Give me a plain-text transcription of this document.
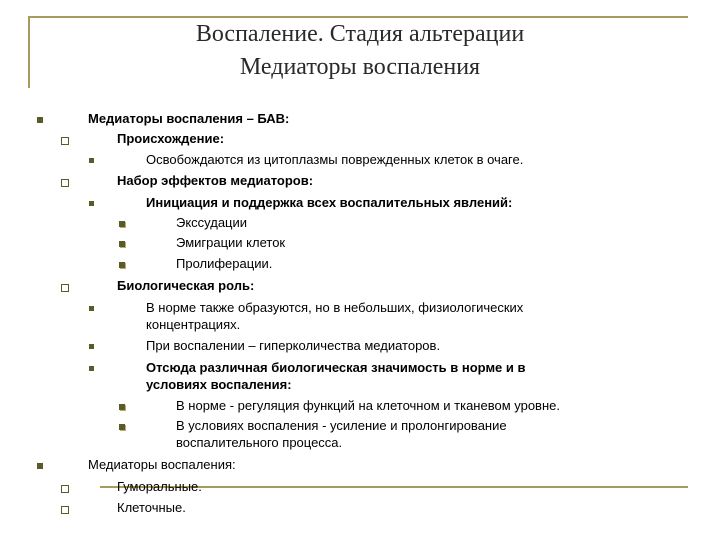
Воспаление. Стадия альтерации
Медиаторы воспаления
Медиаторы воспаления – БАВ:
Происхождение:
Освобождаются из цитоплазмы поврежденных клеток в очаге.
Набор эффектов медиаторов:
Инициация и поддержка всех воспалительных явлений:
Экссудации
Эмиграции клеток
Пролиферации.
Биологическая роль:
В норме также образуются, но в небольших, физиологических
концентрациях.
При воспалении – гиперколичества медиаторов.
Отсюда различная биологическая значимость в норме и в
условиях воспаления:
В норме - регуляция функций на клеточном и тканевом уровне.
В условиях воспаления - усиление и пролонгирование
воспалительного процесса.
Медиаторы воспаления:
Гуморальные.
Клеточные.
